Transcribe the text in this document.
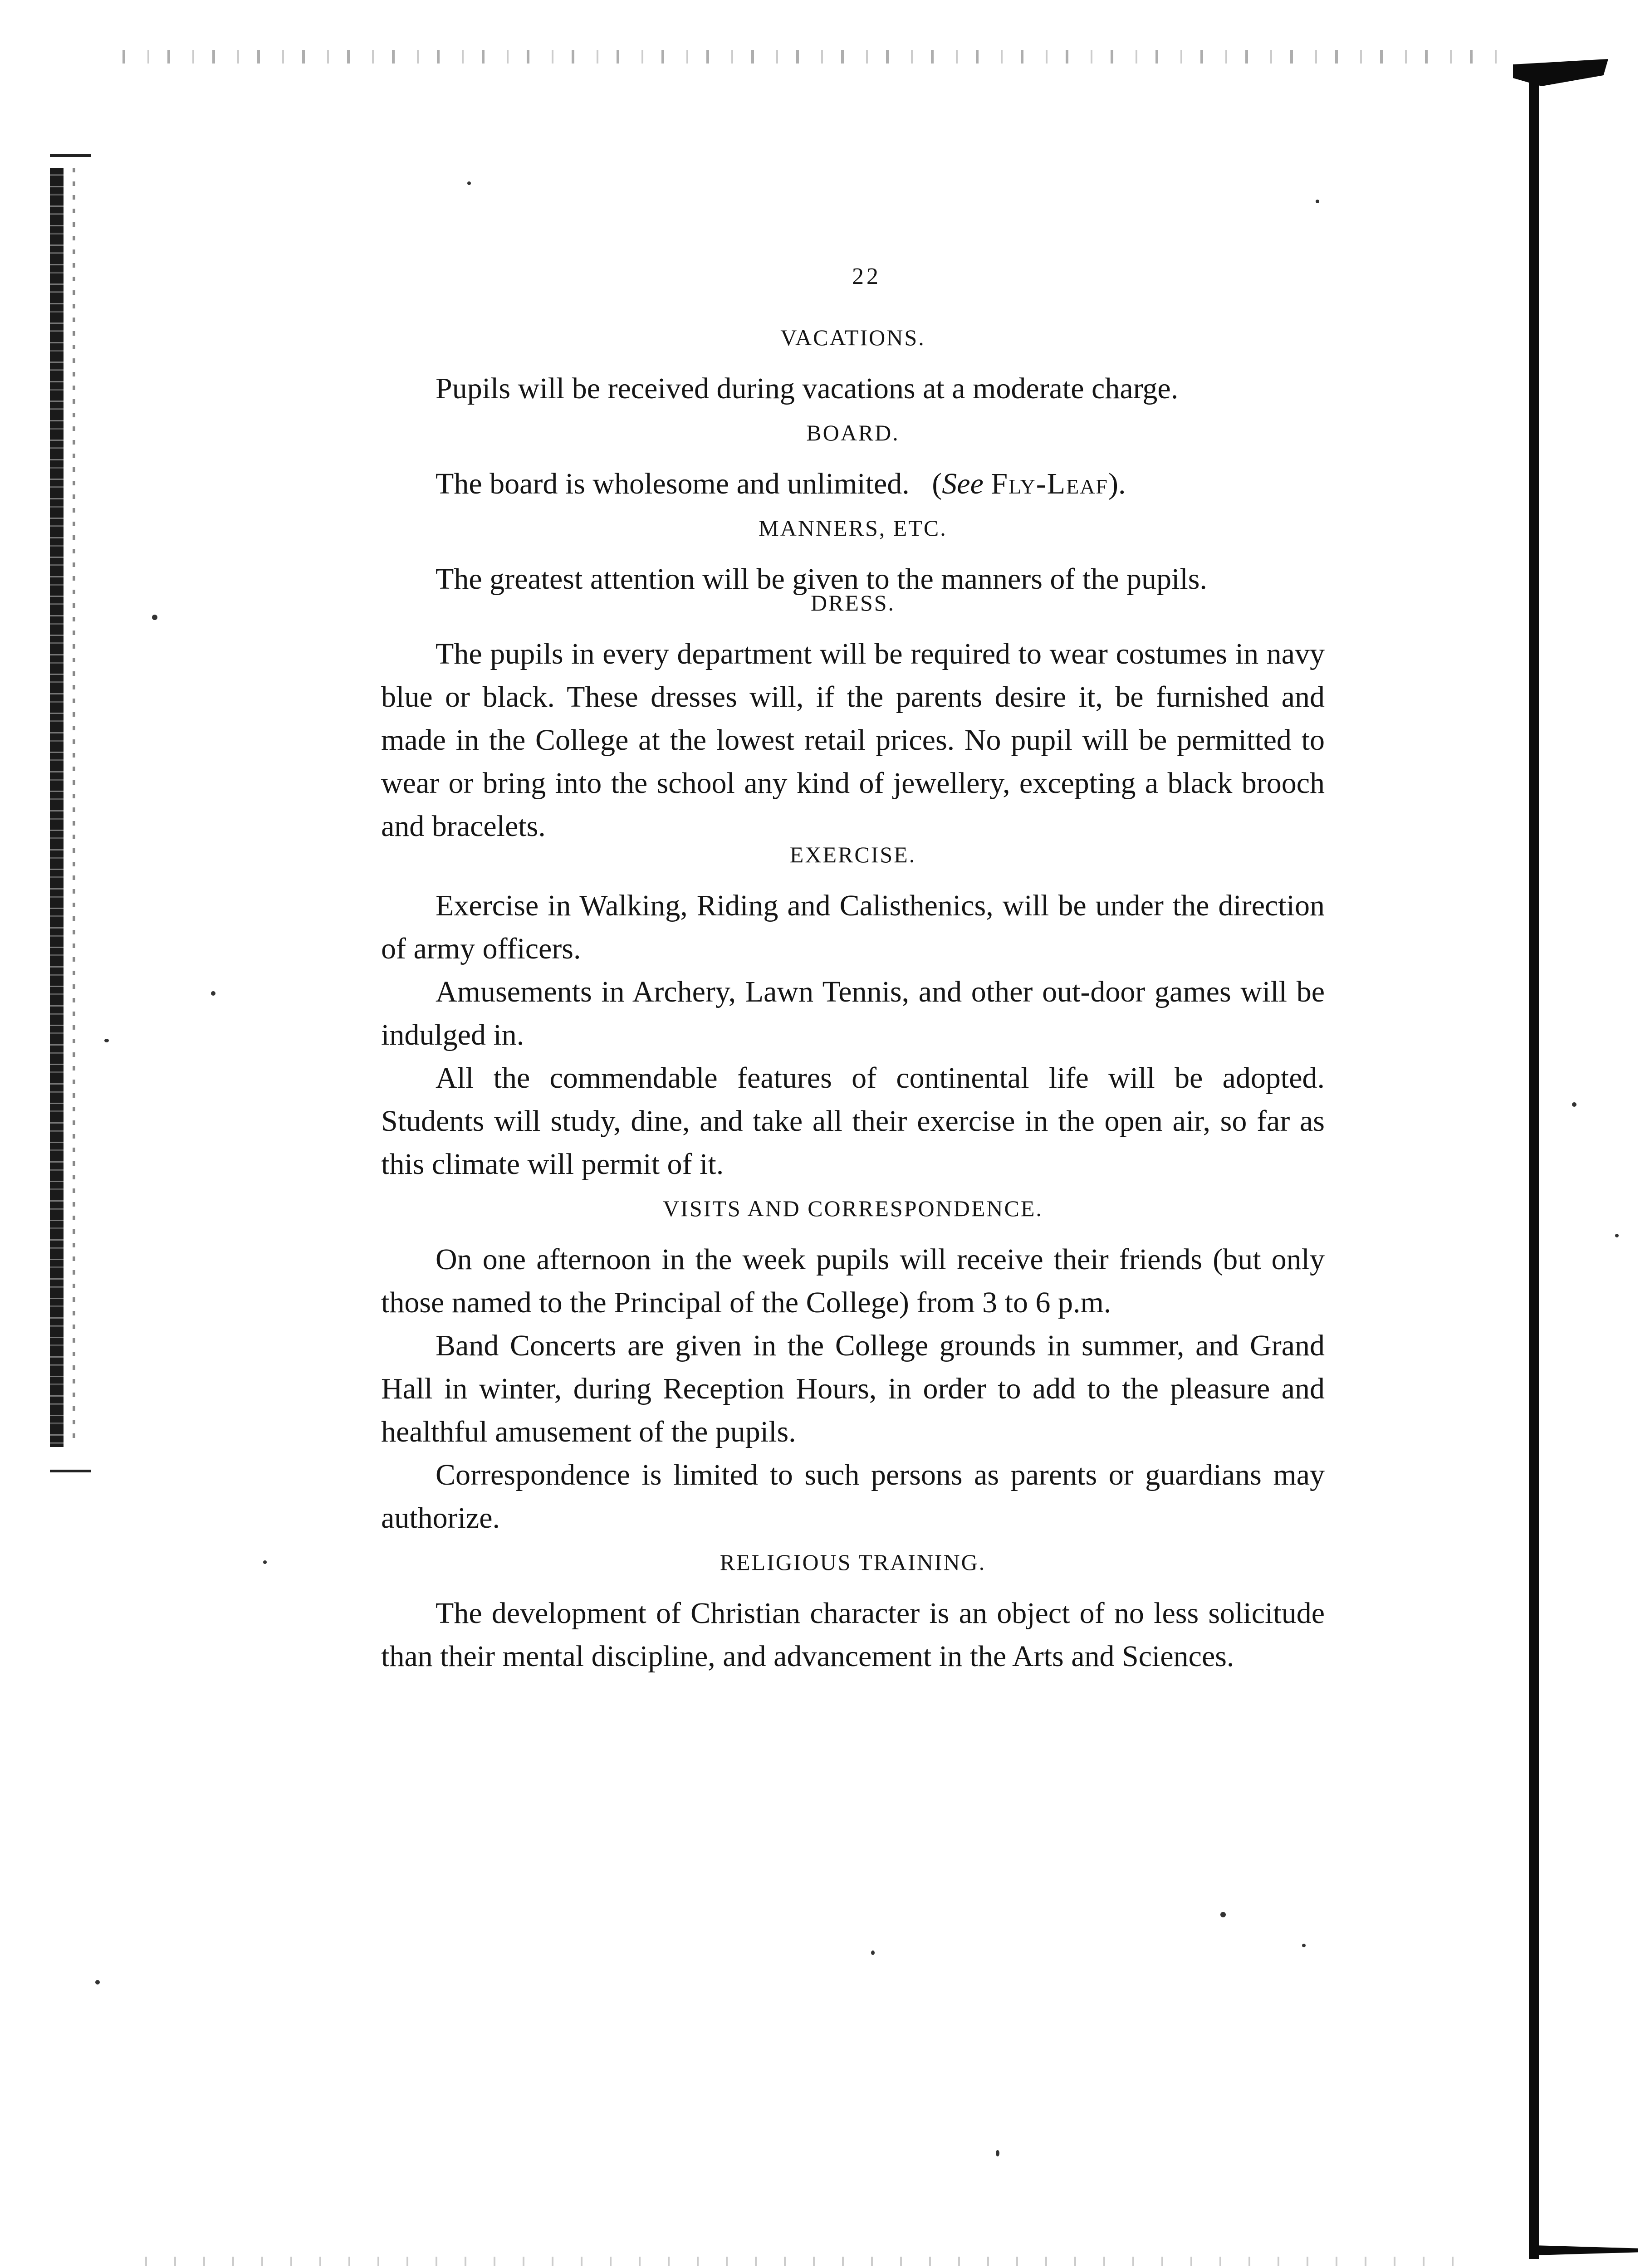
22
VACATIONS.

Pupils will be received during vacations at a moderate charge.

BOARD.

The board is wholesome and unlimited. (See Fly-Leaf).

MANNERS, ETC.

The greatest attention will be given to the manners of the pupils.

DRESS.

The pupils in every department will be required to wear costumes in navy blue or black. These dresses will, if the parents desire it, be furnished and made in the College at the lowest retail prices. No pupil will be permitted to wear or bring into the school any kind of jewellery, excepting a black brooch and bracelets.

EXERCISE.

Exercise in Walking, Riding and Calisthenics, will be under the direction of army officers.

Amusements in Archery, Lawn Tennis, and other out-door games will be indulged in.

All the commendable features of continental life will be adopted. Students will study, dine, and take all their exercise in the open air, so far as this climate will permit of it.

VISITS AND CORRESPONDENCE.

On one afternoon in the week pupils will receive their friends (but only those named to the Principal of the College) from 3 to 6 p.m.

Band Concerts are given in the College grounds in summer, and Grand Hall in winter, during Reception Hours, in order to add to the pleasure and healthful amusement of the pupils.

Correspondence is limited to such persons as parents or guardians may authorize.

RELIGIOUS TRAINING.

The development of Christian character is an object of no less solicitude than their mental discipline, and advancement in the Arts and Sciences.
